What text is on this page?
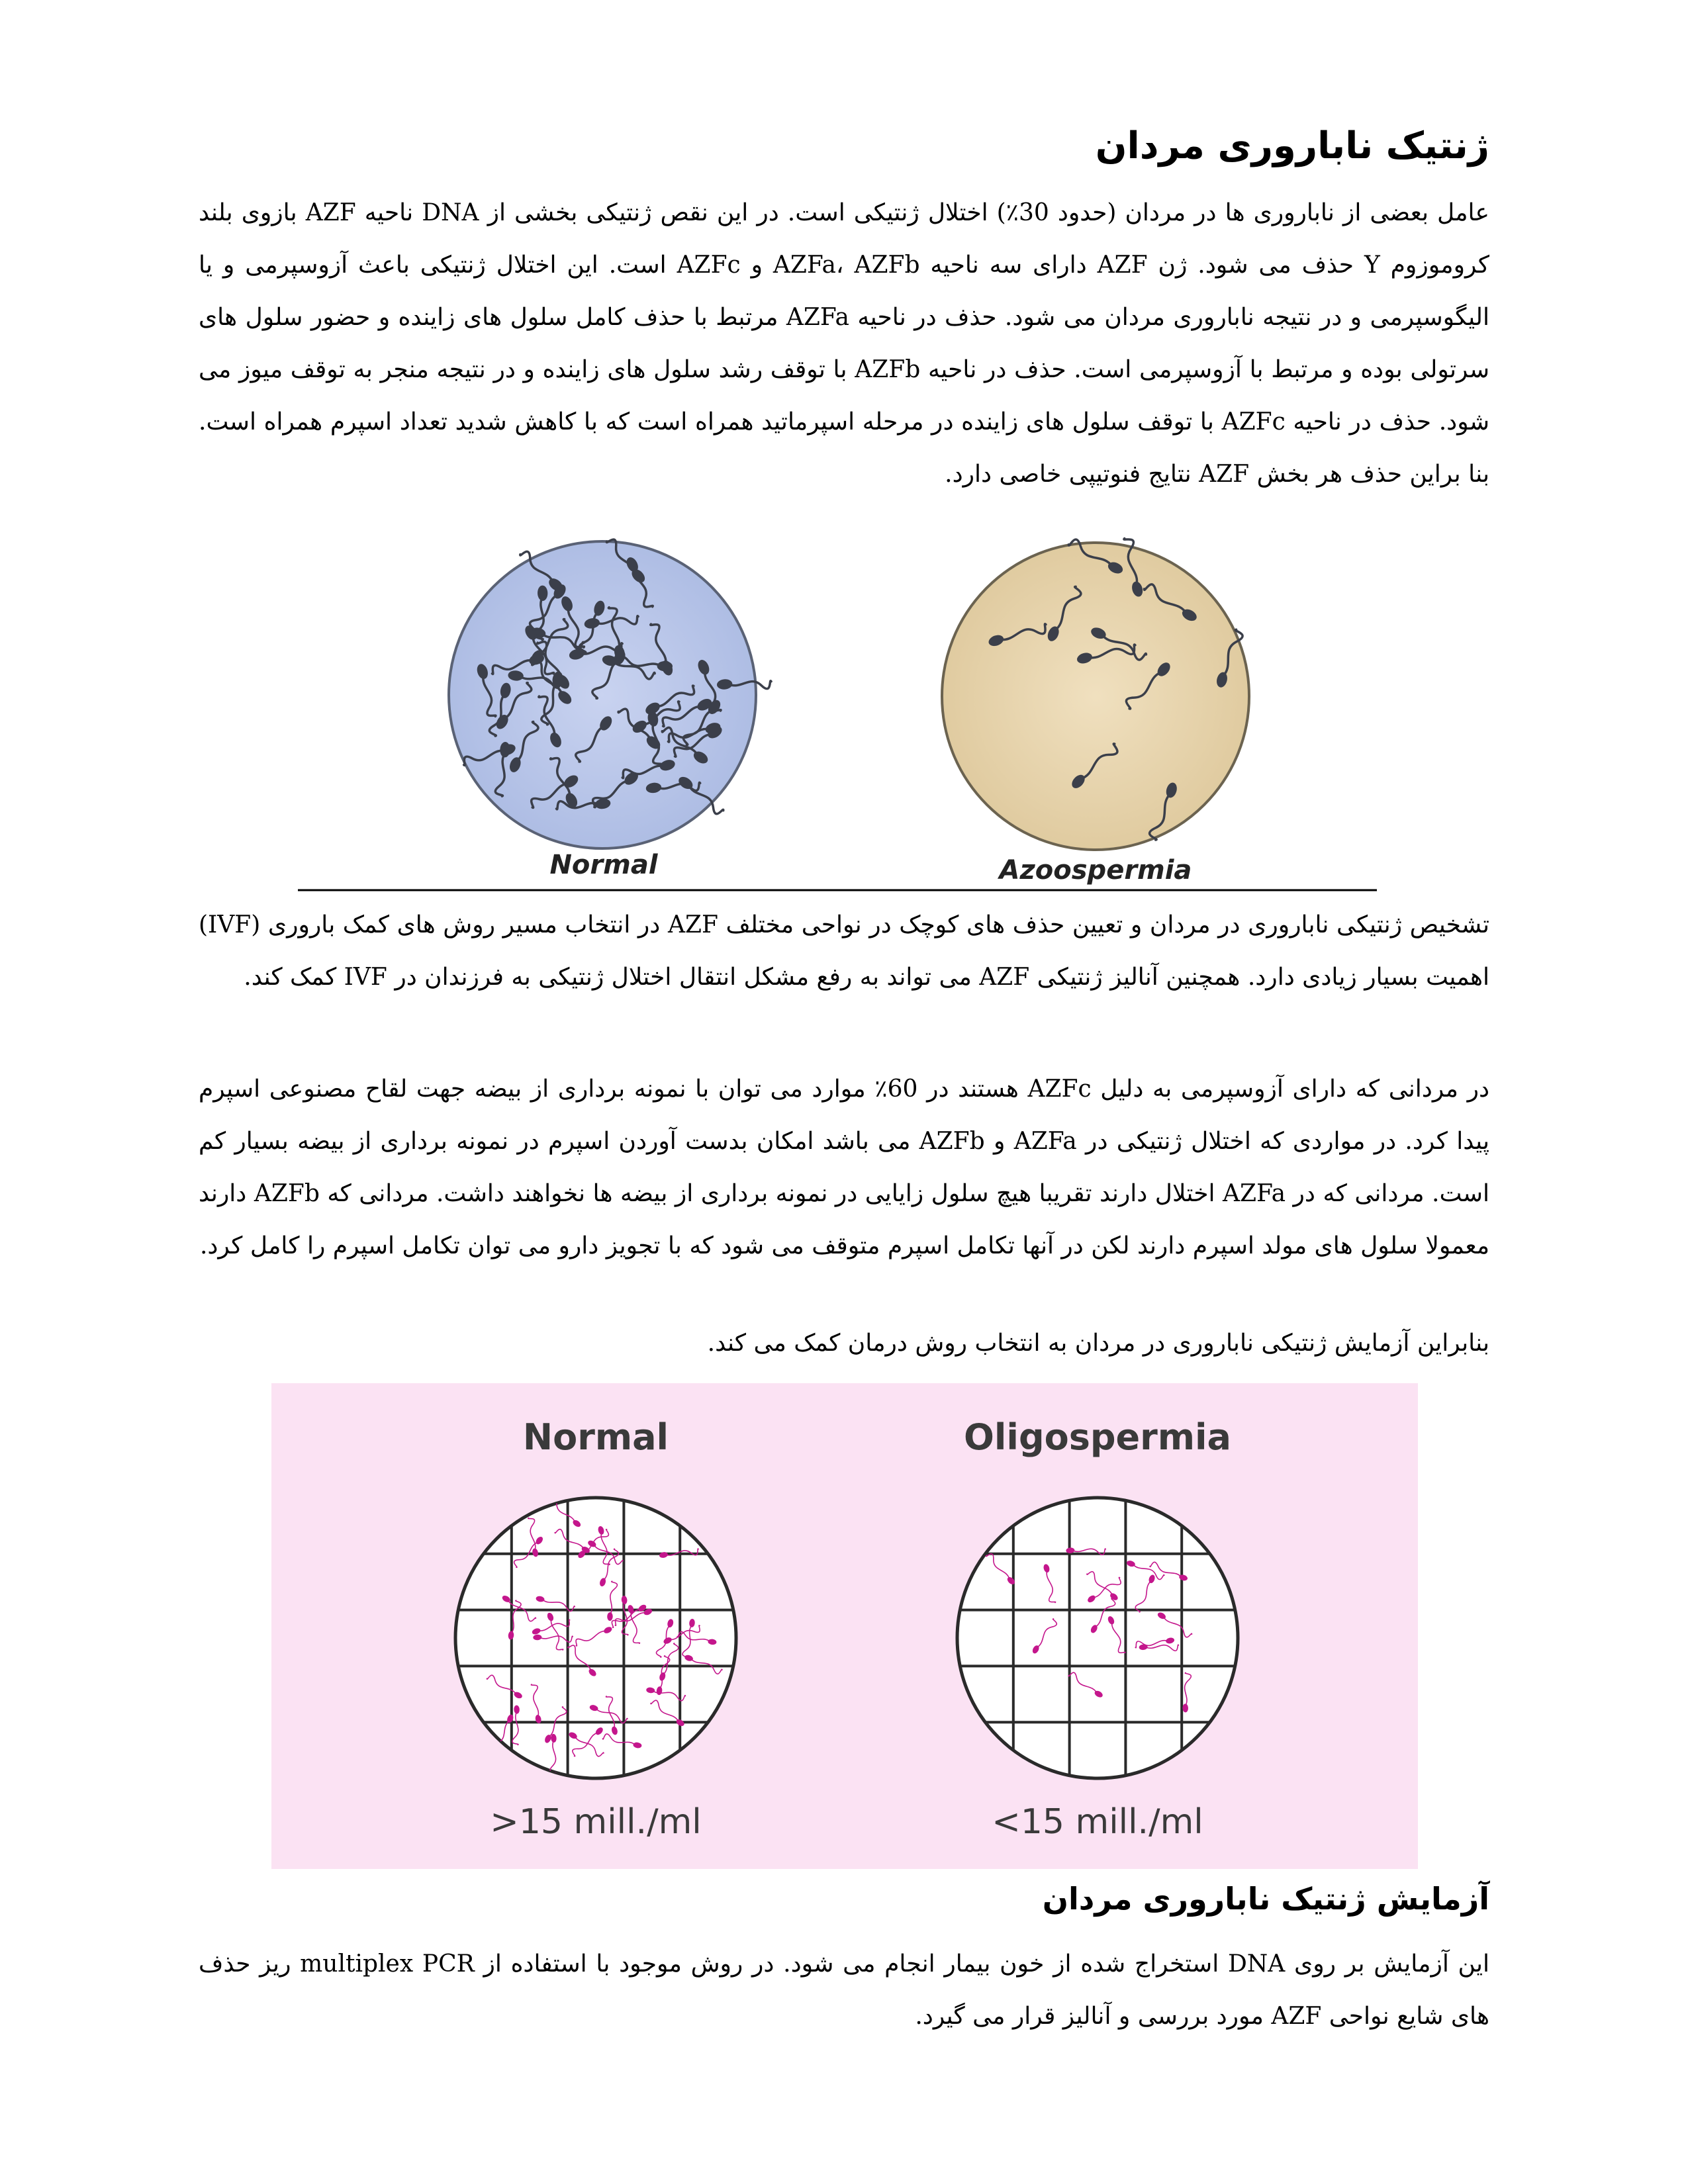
ژنتیک ناباروری مردان

عامل بعضی از ناباروری ها در مردان (حدود 30٪) اختلال ژنتیکی است. در این نقص ژنتیکی بخشی از DNA ناحیه AZF بازوی بلند کروموزوم Y حذف می شود. ژن AZF دارای سه ناحیه AZFa، AZFb و AZFc است. این اختلال ژنتیکی باعث آزوسپرمی و یا الیگوسپرمی و در نتیجه ناباروری مردان می شود. حذف در ناحیه AZFa مرتبط با حذف کامل سلول های زاینده و حضور سلول های سرتولی بوده و مرتبط با آزوسپرمی است. حذف در ناحیه AZFb با توقف رشد سلول های زاینده و در نتیجه منجر به توقف میوز می شود. حذف در ناحیه AZFc با توقف سلول های زاینده در مرحله اسپرماتید همراه است که با کاهش شدید تعداد اسپرم همراه است. بنا براین حذف هر بخش AZF نتایج فنوتیپی خاصی دارد.

Normal	Azoospermia

تشخیص ژنتیکی ناباروری در مردان و تعیین حذف های کوچک در نواحی مختلف AZF در انتخاب مسیر روش های کمک باروری (IVF) اهمیت بسیار زیادی دارد. همچنین آنالیز ژنتیکی AZF می تواند به رفع مشکل انتقال اختلال ژنتیکی به فرزندان در IVF کمک کند.

در مردانی که دارای آزوسپرمی به دلیل AZFc هستند در 60٪ موارد می توان با نمونه برداری از بیضه جهت لقاح مصنوعی اسپرم پیدا کرد. در مواردی که اختلال ژنتیکی در AZFa و AZFb می باشد امکان بدست آوردن اسپرم در نمونه برداری از بیضه بسیار کم است. مردانی که در AZFa اختلال دارند تقریبا هیچ سلول زایایی در نمونه برداری از بیضه ها نخواهند داشت. مردانی که AZFb دارند معمولا سلول های مولد اسپرم دارند لکن در آنها تکامل اسپرم متوقف می شود که با تجویز دارو می توان تکامل اسپرم را کامل کرد.

بنابراین آزمایش ژنتیکی ناباروری در مردان به انتخاب روش درمان کمک می کند.

Normal	Oligospermia
>15 mill./ml	<15 mill./ml
آزمایش ژنتیک ناباروری مردان

این آزمایش بر روی DNA استخراج شده از خون بیمار انجام می شود. در روش موجود با استفاده از multiplex PCR ریز حذف های شایع نواحی AZF مورد بررسی و آنالیز قرار می گیرد.
